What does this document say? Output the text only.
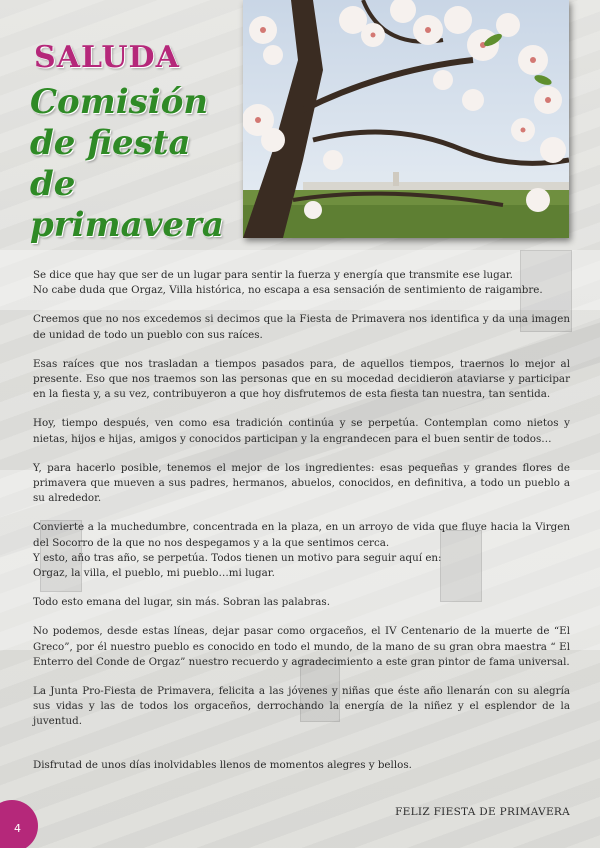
SALUDA
Comisión
de fiesta de
primavera

Se dice que hay que ser de un lugar para sentir la fuerza y energía que transmite ese lugar.
No cabe duda que Orgaz, Villa histórica, no escapa a esa sensación de sentimiento de raigambre.

Creemos que no nos excedemos si decimos que la Fiesta de Primavera nos identifica y da una imagen de unidad de todo un pueblo con sus raíces.

Esas raíces que nos trasladan a tiempos pasados para, de aquellos tiempos, traernos lo mejor al presente. Eso que nos traemos son las personas que en su mocedad decidieron ataviarse y participar en la fiesta y, a su vez, contribuyeron a que hoy disfrutemos de esta fiesta tan nuestra, tan sentida.

Hoy, tiempo después, ven como esa tradición continúa y se perpetúa. Contemplan como nietos y nietas, hijos e hijas, amigos y conocidos participan y la engrandecen para el buen sentir de todos…

Y, para hacerlo posible, tenemos el mejor de los ingredientes: esas pequeñas y grandes flores de primavera que mueven a sus padres, hermanos, abuelos, conocidos, en definitiva, a todo un pueblo a su alrededor.

Convierte a la muchedumbre, concentrada en la plaza, en un arroyo de vida que fluye hacia la Virgen del Socorro de la que no nos despegamos y a la que sentimos cerca.
Y esto, año tras año, se perpetúa. Todos tienen un motivo para seguir aquí en:
Orgaz, la villa, el pueblo, mi pueblo…mi lugar.

Todo esto emana del lugar, sin más. Sobran las palabras.

No podemos, desde estas líneas, dejar pasar como orgaceños, el IV Centenario de la muerte de “El Greco”, por él nuestro pueblo es conocido en todo el mundo, de la mano de su gran obra maestra “ El Enterro del Conde de Orgaz” nuestro recuerdo y agradecimiento a este gran pintor de fama universal.

La Junta Pro-Fiesta de Primavera, felicita a las jóvenes y niñas que éste año llenarán con su alegría sus vidas y las de todos los orgaceños, derrochando la energía de la niñez y el esplendor de la juventud.

Disfrutad de unos días inolvidables llenos de momentos alegres y bellos.

FELIZ FIESTA DE PRIMAVERA
4
